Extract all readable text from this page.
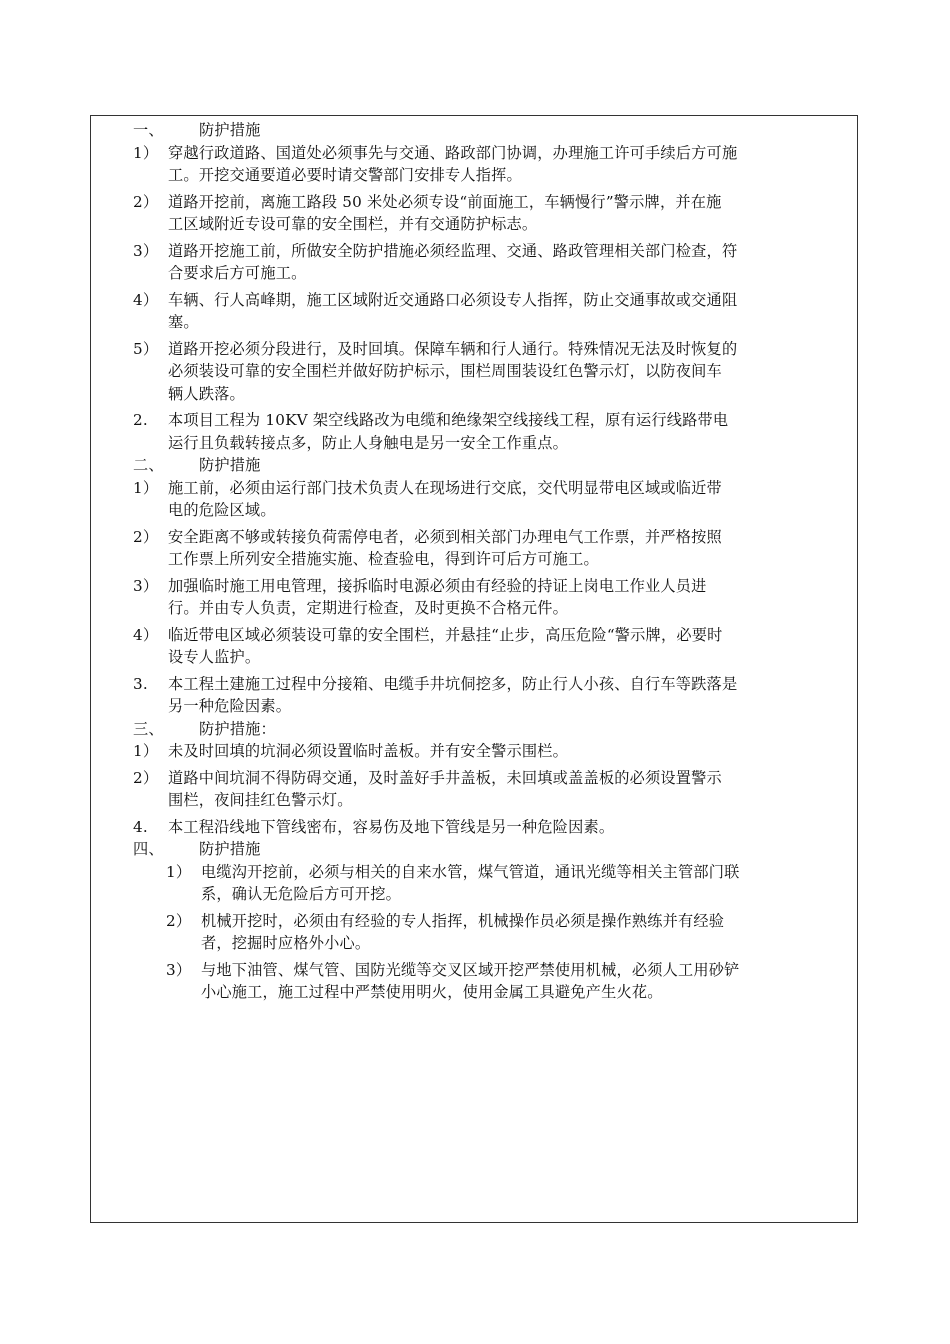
一、 防护措施
1） 穿越行政道路、国道处必须事先与交通、路政部门协调，办理施工许可手续后方可施
工。开挖交通要道必要时请交警部门安排专人指挥。
2） 道路开挖前，离施工路段 50 米处必须专设“前面施工，车辆慢行”警示牌，并在施
工区域附近专设可靠的安全围栏，并有交通防护标志。
3） 道路开挖施工前，所做安全防护措施必须经监理、交通、路政管理相关部门检查，符
合要求后方可施工。
4） 车辆、行人高峰期，施工区域附近交通路口必须设专人指挥，防止交通事故或交通阻
塞。
5） 道路开挖必须分段进行，及时回填。保障车辆和行人通行。特殊情况无法及时恢复的
必须装设可靠的安全围栏并做好防护标示，围栏周围装设红色警示灯，以防夜间车
辆人跌落。
2. 本项目工程为 10KV 架空线路改为电缆和绝缘架空线接线工程，原有运行线路带电
运行且负载转接点多，防止人身触电是另一安全工作重点。
二、 防护措施
1） 施工前，必须由运行部门技术负责人在现场进行交底，交代明显带电区域或临近带
电的危险区域。
2） 安全距离不够或转接负荷需停电者，必须到相关部门办理电气工作票，并严格按照
工作票上所列安全措施实施、检查验电，得到许可后方可施工。
3） 加强临时施工用电管理，接拆临时电源必须由有经验的持证上岗电工作业人员进
行。并由专人负责，定期进行检查，及时更换不合格元件。
4） 临近带电区域必须装设可靠的安全围栏，并悬挂“止步，高压危险“警示牌，必要时
设专人监护。
3. 本工程土建施工过程中分接箱、电缆手井坑侗挖多，防止行人小孩、自行车等跌落是
另一种危险因素。
三、 防护措施：
1） 未及时回填的坑洞必须设置临时盖板。并有安全警示围栏。
2） 道路中间坑洞不得防碍交通，及时盖好手井盖板，未回填或盖盖板的必须设置警示
围栏，夜间挂红色警示灯。
4. 本工程沿线地下管线密布，容易伤及地下管线是另一种危险因素。
四、 防护措施
1） 电缆沟开挖前，必须与相关的自来水管，煤气管道，通讯光缆等相关主管部门联
系，确认无危险后方可开挖。
2） 机械开挖时，必须由有经验的专人指挥，机械操作员必须是操作熟练并有经验
者，挖掘时应格外小心。
3） 与地下油管、煤气管、国防光缆等交叉区域开挖严禁使用机械，必须人工用砂铲
小心施工，施工过程中严禁使用明火，使用金属工具避免产生火花。
